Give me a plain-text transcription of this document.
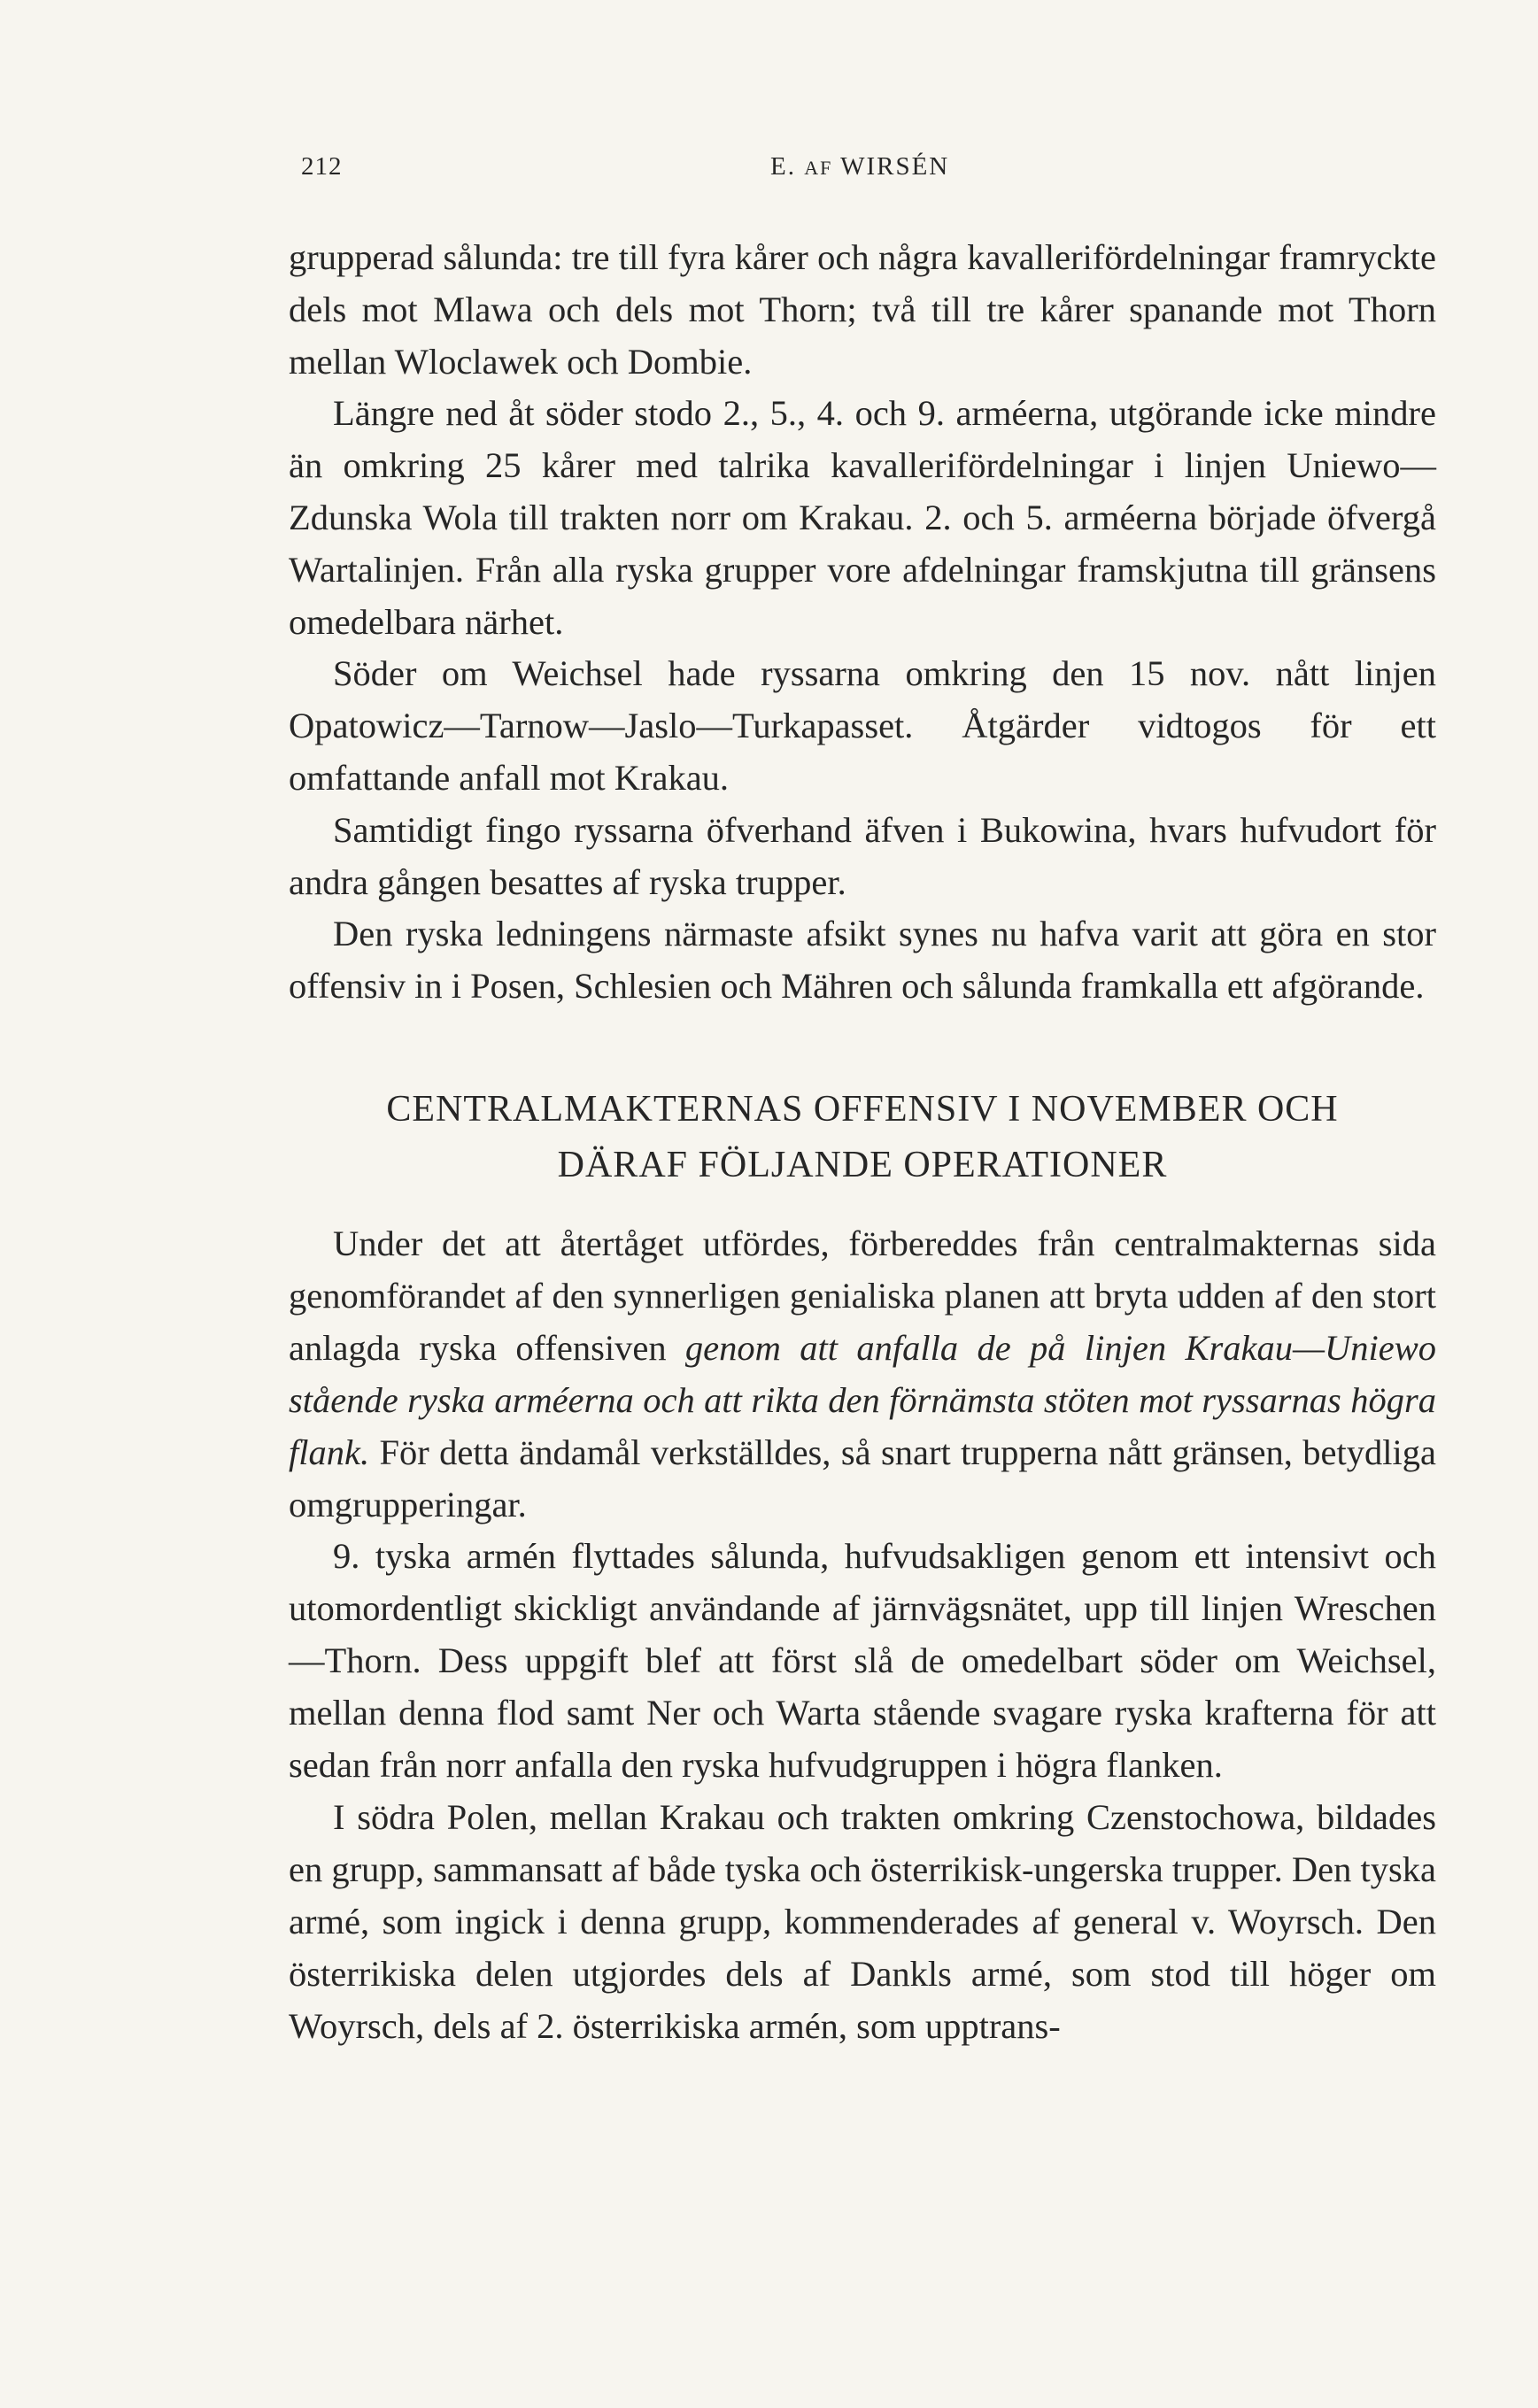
212	E. AF WIRSÉN

grupperad sålunda: tre till fyra kårer och några kavallerifördelningar framryckte dels mot Mlawa och dels mot Thorn; två till tre kårer spanande mot Thorn mellan Wloclawek och Dombie.

Längre ned åt söder stodo 2., 5., 4. och 9. arméerna, utgörande icke mindre än omkring 25 kårer med talrika kavallerifördelningar i linjen Uniewo—Zdunska Wola till trakten norr om Krakau. 2. och 5. arméerna började öfvergå Wartalinjen. Från alla ryska grupper vore afdelningar framskjutna till gränsens omedelbara närhet.

Söder om Weichsel hade ryssarna omkring den 15 nov. nått linjen Opatowicz—Tarnow—Jaslo—Turkapasset. Åtgärder vidtogos för ett omfattande anfall mot Krakau.

Samtidigt fingo ryssarna öfverhand äfven i Bukowina, hvars hufvudort för andra gången besattes af ryska trupper.

Den ryska ledningens närmaste afsikt synes nu hafva varit att göra en stor offensiv in i Posen, Schlesien och Mähren och sålunda framkalla ett afgörande.

CENTRALMAKTERNAS OFFENSIV I NOVEMBER OCH
DÄRAF FÖLJANDE OPERATIONER

Under det att återtåget utfördes, förbereddes från centralmakternas sida genomförandet af den synnerligen genialiska planen att bryta udden af den stort anlagda ryska offensiven genom att anfalla de på linjen Krakau—Uniewo stående ryska arméerna och att rikta den förnämsta stöten mot ryssarnas högra flank. För detta ändamål verkställdes, så snart trupperna nått gränsen, betydliga omgrupperingar.

9. tyska armén flyttades sålunda, hufvudsakligen genom ett intensivt och utomordentligt skickligt användande af järnvägsnätet, upp till linjen Wreschen—Thorn. Dess uppgift blef att först slå de omedelbart söder om Weichsel, mellan denna flod samt Ner och Warta stående svagare ryska krafterna för att sedan från norr anfalla den ryska hufvudgruppen i högra flanken.

I södra Polen, mellan Krakau och trakten omkring Czenstochowa, bildades en grupp, sammansatt af både tyska och österrikisk-ungerska trupper. Den tyska armé, som ingick i denna grupp, kommenderades af general v. Woyrsch. Den österrikiska delen utgjordes dels af Dankls armé, som stod till höger om Woyrsch, dels af 2. österrikiska armén, som upptrans-
